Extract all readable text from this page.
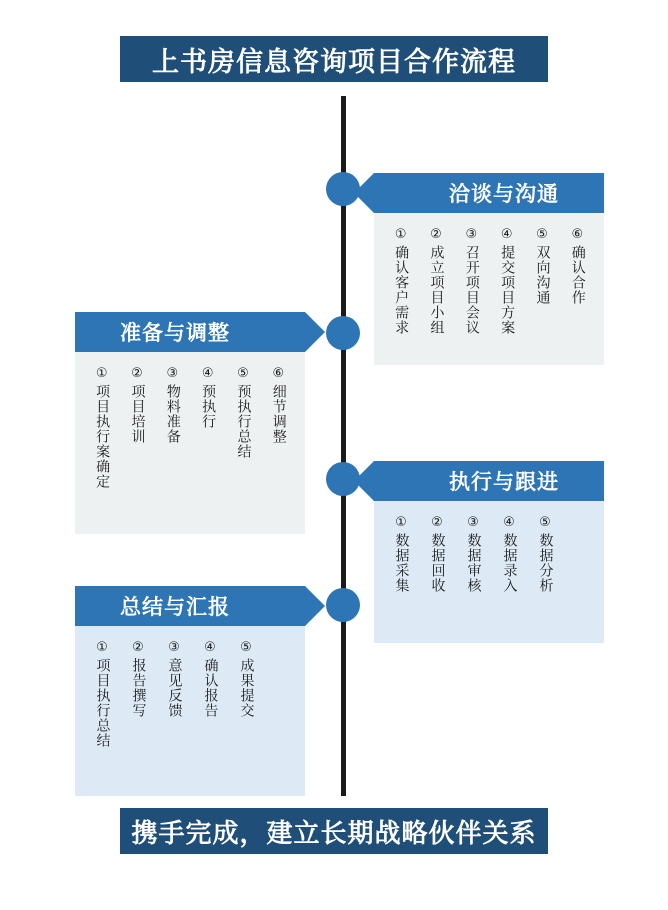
上书房信息咨询项目合作流程
洽谈与沟通
①
确认客户需求
②
成立项目小组
③
召开项目会议
④
提交项目方案
⑤
双向沟通
⑥
确认合作
准备与调整
①
项目执行案确定
②
项目培训
③
物料准备
④
预执行
⑤
预执行总结
⑥
细节调整
执行与跟进
①
数据采集
②
数据回收
③
数据审核
④
数据录入
⑤
数据分析
总结与汇报
①
项目执行总结
②
报告撰写
③
意见反馈
④
确认报告
⑤
成果提交
携手完成，建立长期战略伙伴关系
